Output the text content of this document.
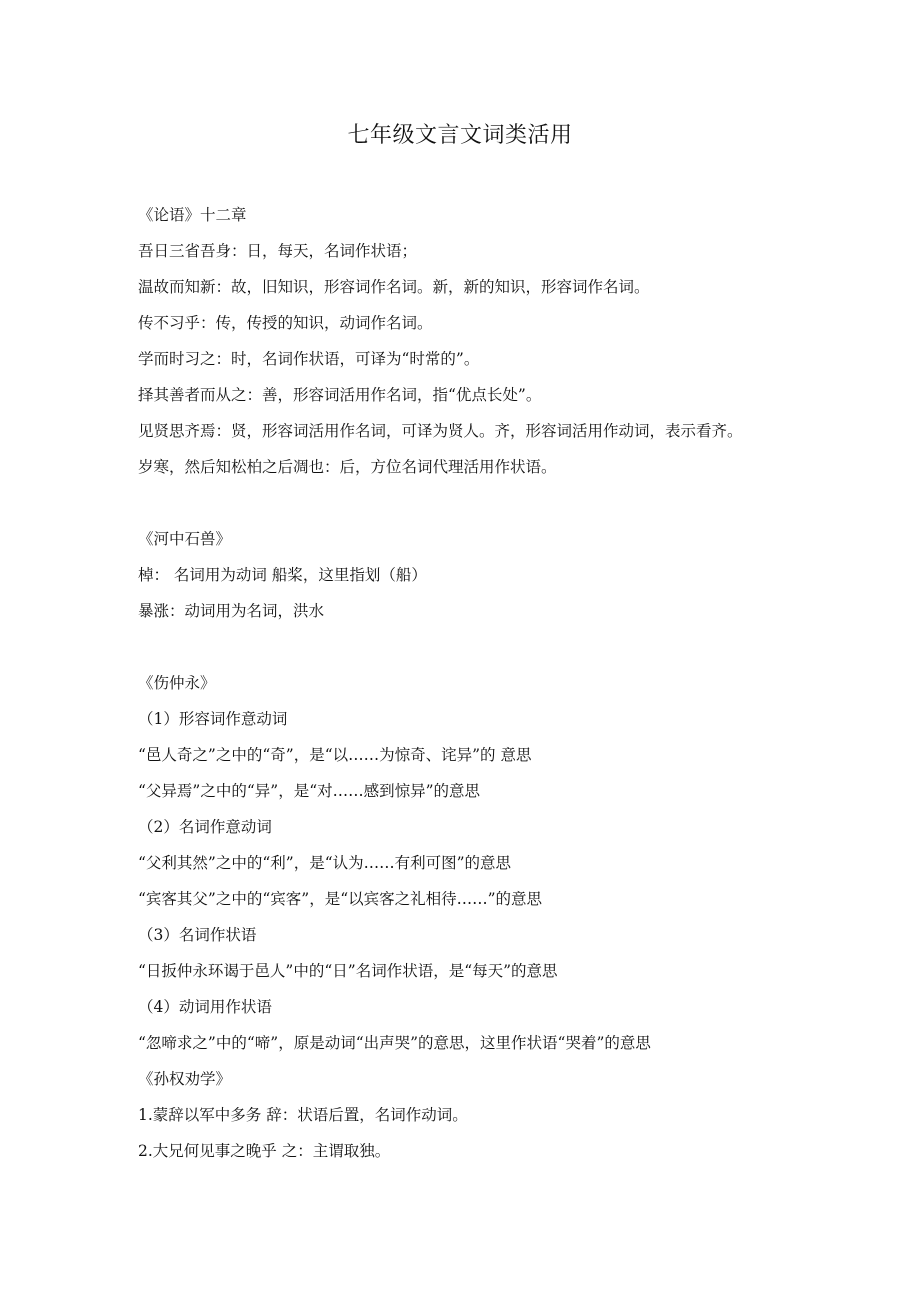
七年级文言文词类活用
《论语》十二章
吾日三省吾身：日，每天，名词作状语；
温故而知新：故，旧知识，形容词作名词。新，新的知识，形容词作名词。
传不习乎：传，传授的知识，动词作名词。
学而时习之：时，名词作状语，可译为“时常的”。
择其善者而从之：善，形容词活用作名词，指“优点长处”。
见贤思齐焉：贤，形容词活用作名词，可译为贤人。齐，形容词活用作动词，表示看齐。
岁寒，然后知松柏之后凋也：后，方位名词代理活用作状语。
《河中石兽》
棹： 名词用为动词 船桨，这里指划（船）
暴涨：动词用为名词，洪水
《伤仲永》
（1）形容词作意动词
“邑人奇之”之中的“奇”，是“以……为惊奇、诧异”的 意思
“父异焉”之中的“异”，是“对……感到惊异”的意思
（2）名词作意动词
“父利其然”之中的“利”，是“认为……有利可图”的意思
“宾客其父”之中的“宾客”，是“以宾客之礼相待……”的意思
（3）名词作状语
“日扳仲永环谒于邑人”中的“日”名词作状语，是“每天”的意思
（4）动词用作状语
“忽啼求之”中的“啼”，原是动词“出声哭”的意思，这里作状语“哭着”的意思
《孙权劝学》
1.蒙辞以军中多务 辞：状语后置，名词作动词。
2.大兄何见事之晚乎 之：主谓取独。
